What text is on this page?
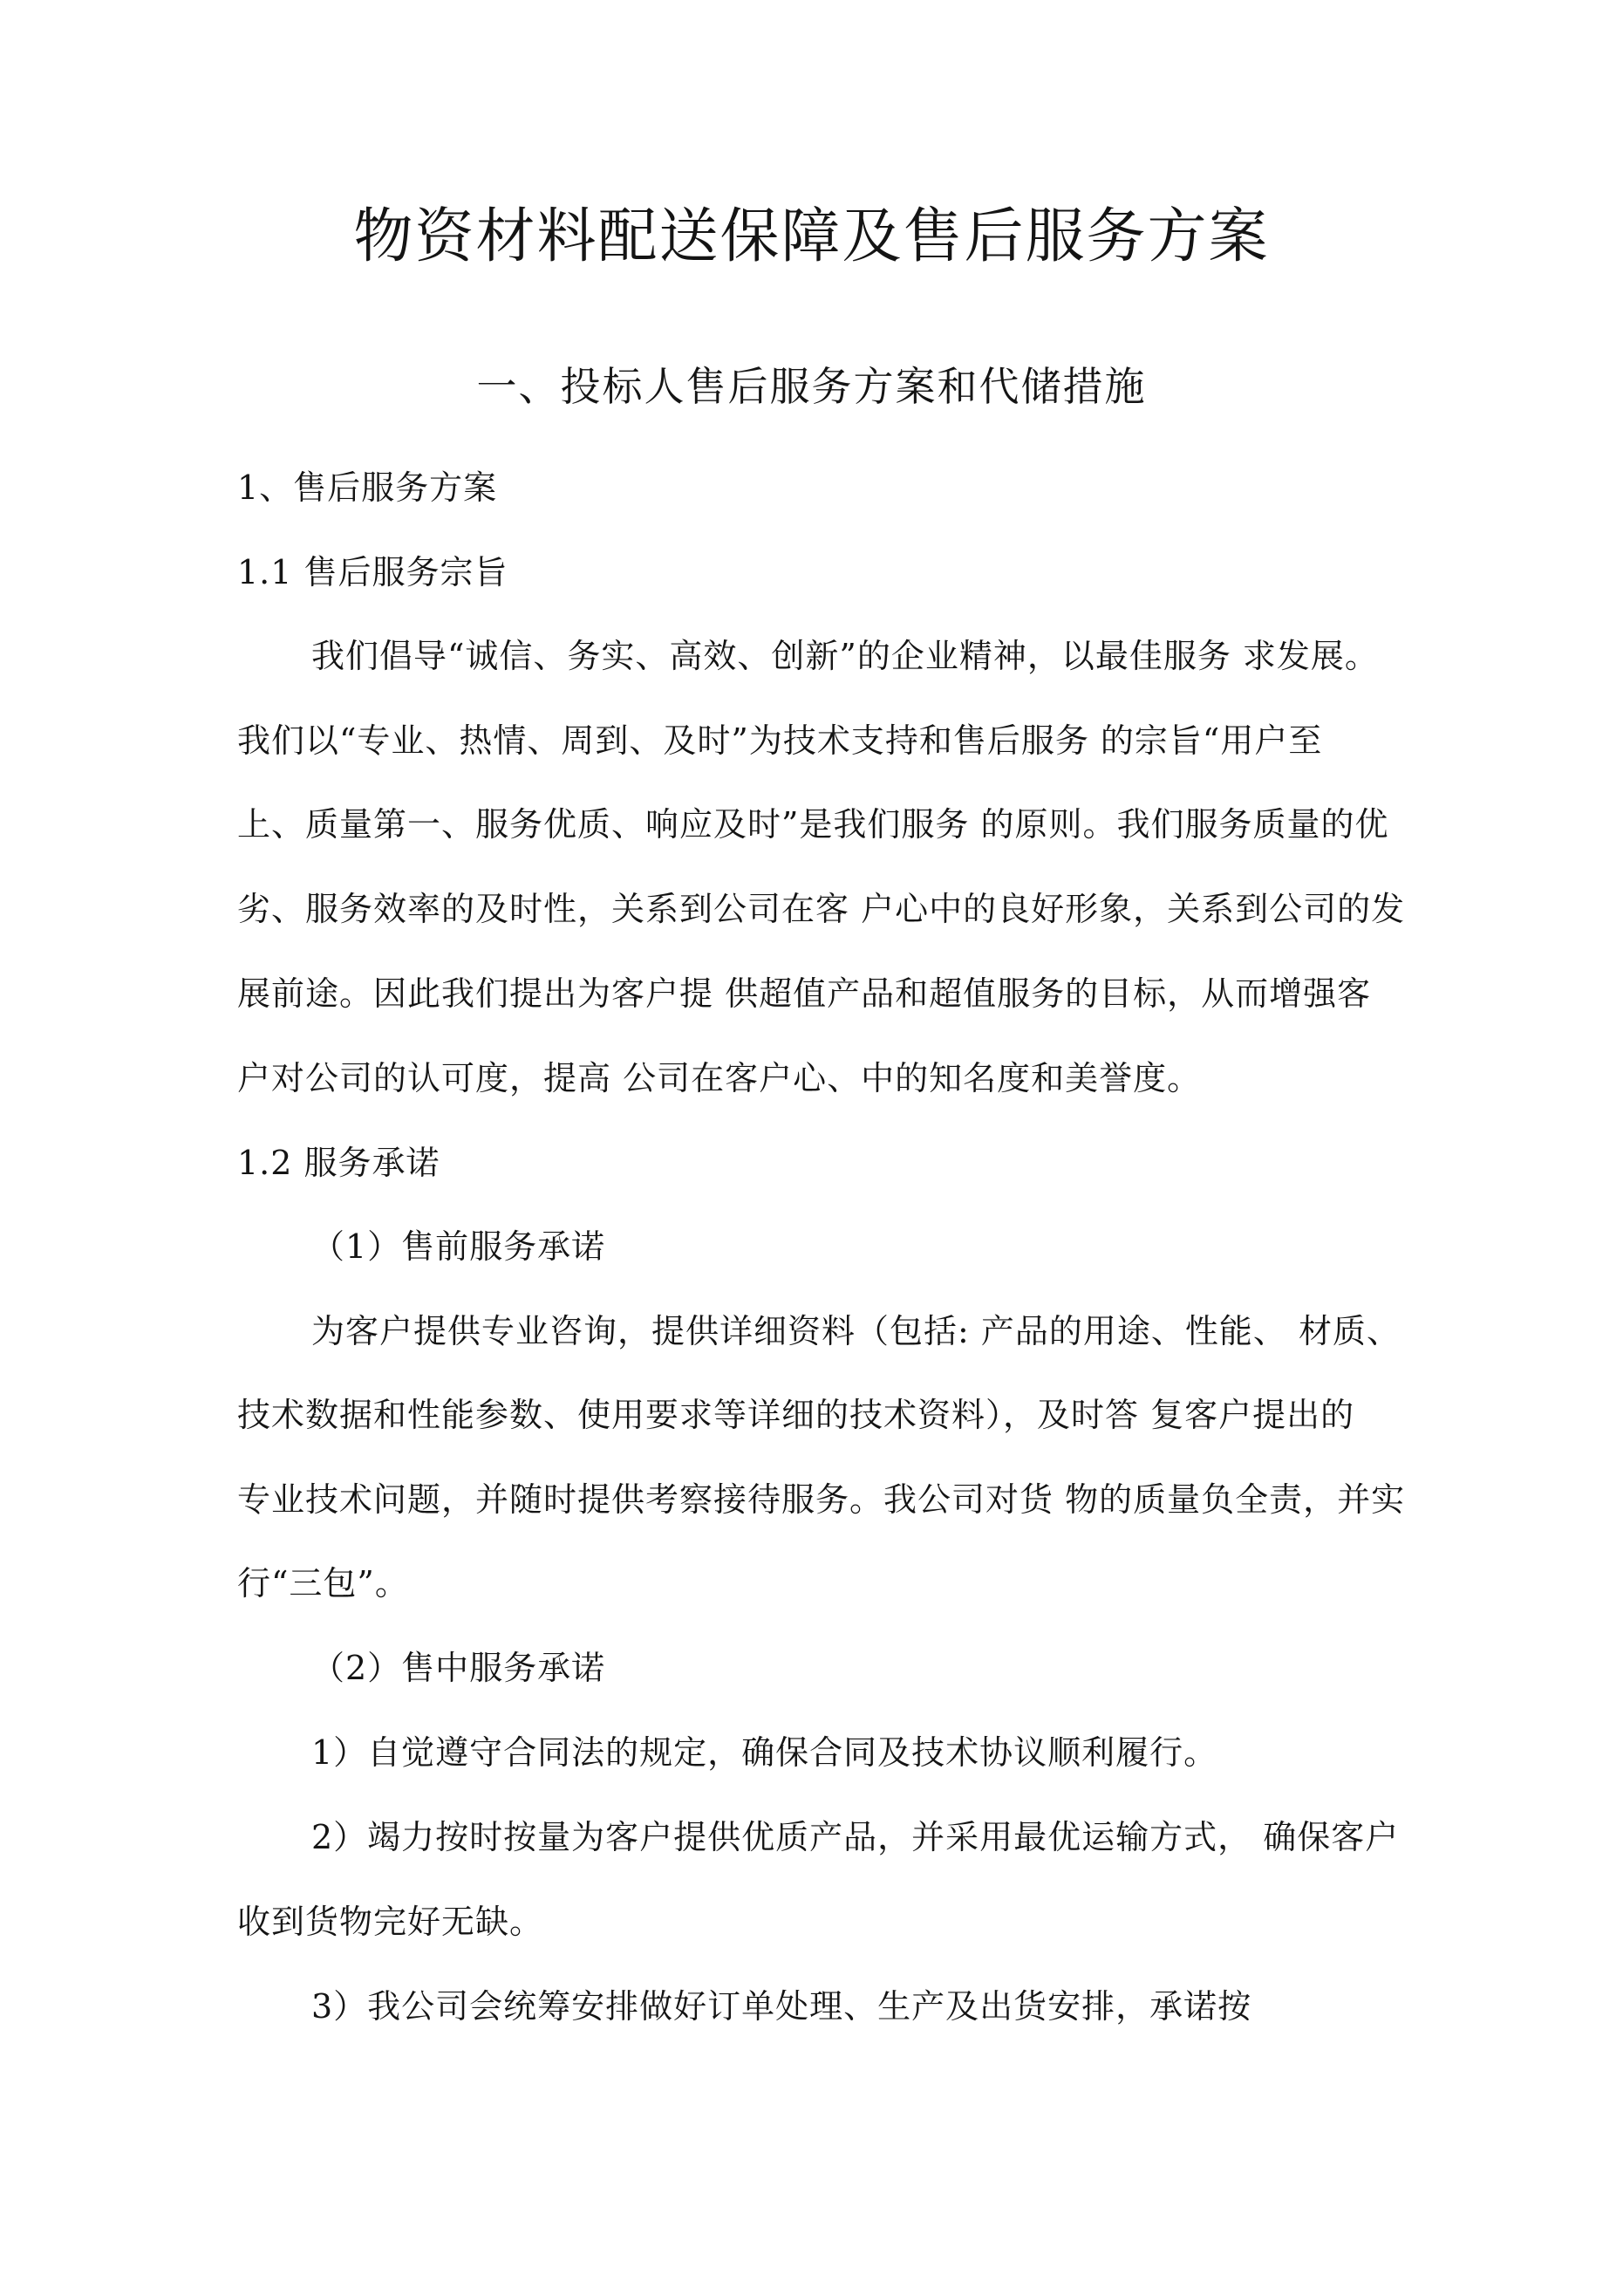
物资材料配送保障及售后服务方案
一、投标人售后服务方案和代储措施
1、售后服务方案
1.1 售后服务宗旨
我们倡导“诚信、务实、高效、创新”的企业精神，以最佳服务 求发展。
我们以“专业、热情、周到、及时”为技术支持和售后服务 的宗旨“用户至
上、质量第一、服务优质、响应及时”是我们服务 的原则。我们服务质量的优
劣、服务效率的及时性，关系到公司在客 户心中的良好形象，关系到公司的发
展前途。因此我们提出为客户提 供超值产品和超值服务的目标，从而增强客
户对公司的认可度，提高 公司在客户心、中的知名度和美誉度。
1.2 服务承诺
（1）售前服务承诺
为客户提供专业咨询，提供详细资料（包括: 产品的用途、性能、 材质、
技术数据和性能参数、使用要求等详细的技术资料），及时答 复客户提出的
专业技术问题，并随时提供考察接待服务。我公司对货 物的质量负全责，并实
行“三包”。
（2）售中服务承诺
1）自觉遵守合同法的规定，确保合同及技术协议顺利履行。
2）竭力按时按量为客户提供优质产品，并采用最优运输方式， 确保客户
收到货物完好无缺。
3）我公司会统筹安排做好订单处理、生产及出货安排，承诺按
